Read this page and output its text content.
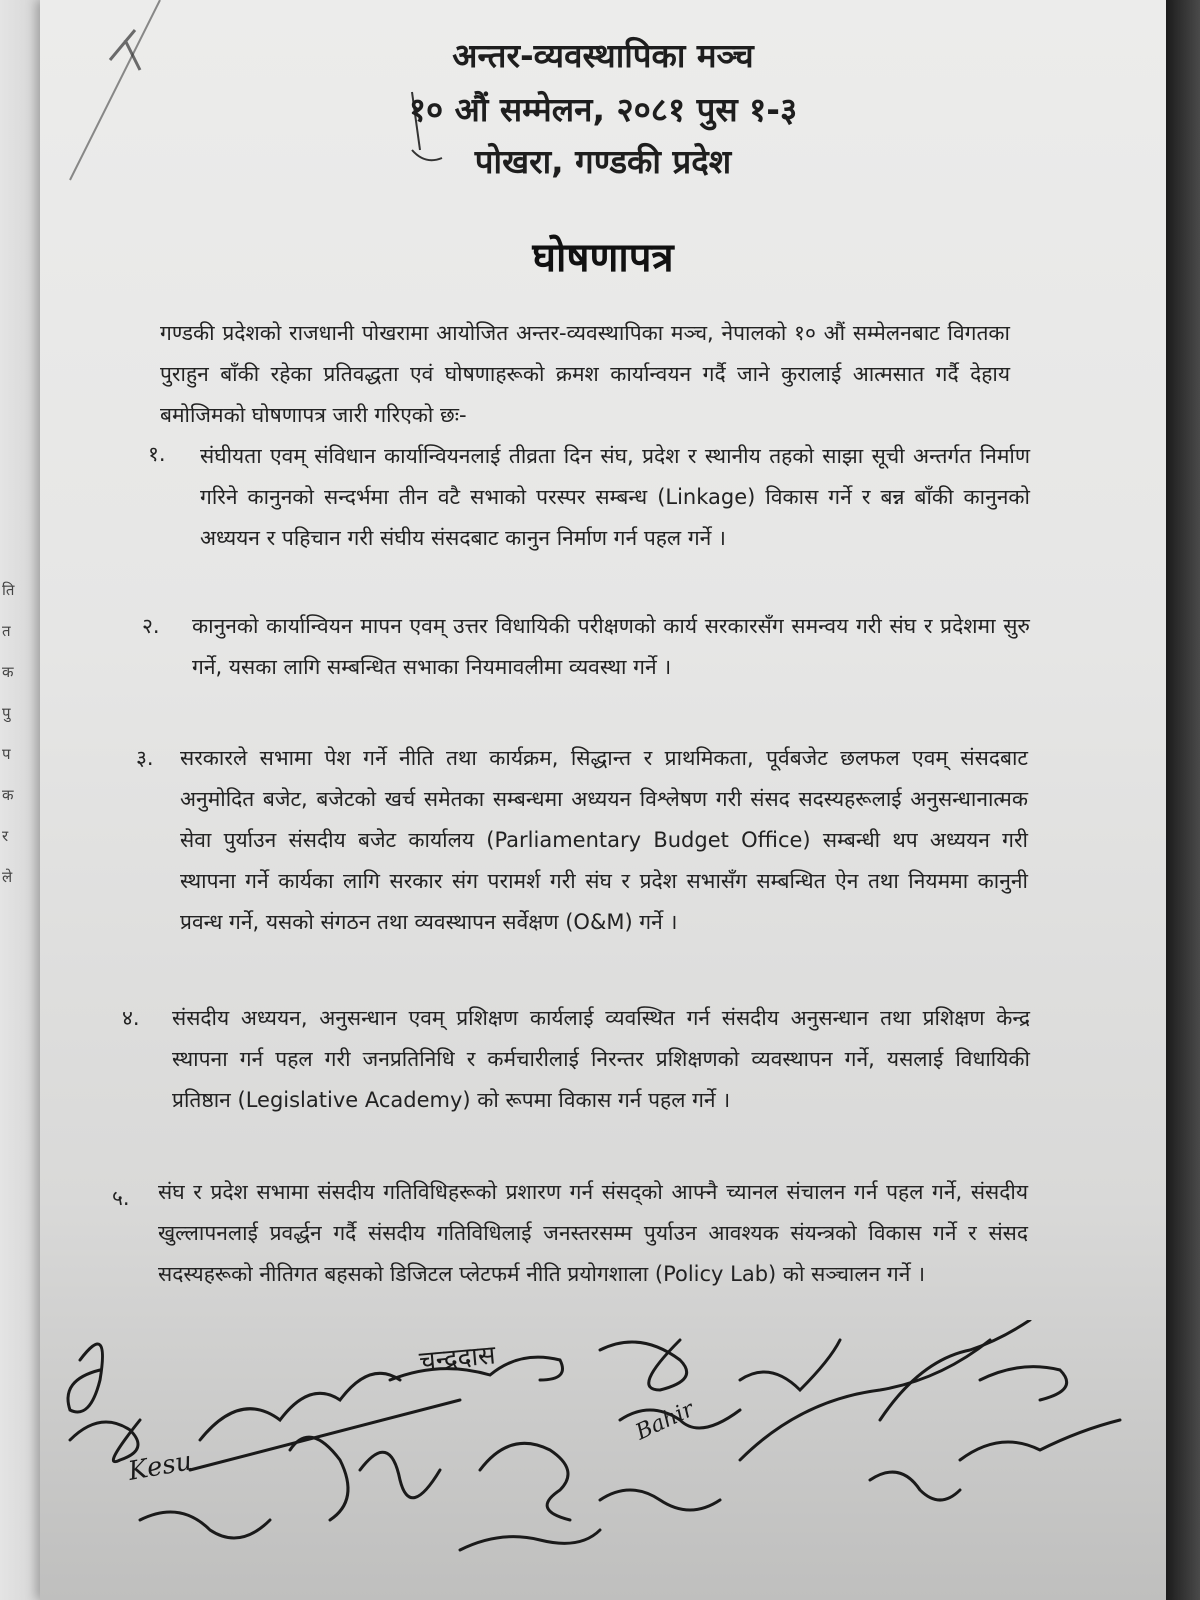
ति
त
क
पु
प
क
र
ले
अन्तर-व्यवस्थापिका मञ्च
१० औं सम्मेलन, २०८१ पुस १-३
पोखरा, गण्डकी प्रदेश
घोषणापत्र
गण्डकी प्रदेशको राजधानी पोखरामा आयोजित अन्तर-व्यवस्थापिका मञ्च, नेपालको १० औं सम्मेलनबाट विगतका पुराहुन बाँकी रहेका प्रतिवद्धता एवं घोषणाहरूको क्रमश कार्यान्वयन गर्दै जाने कुरालाई आत्मसात गर्दै देहाय बमोजिमको घोषणापत्र जारी गरिएको छः-
१. संघीयता एवम् संविधान कार्यान्वियनलाई तीव्रता दिन संघ, प्रदेश र स्थानीय तहको साझा सूची अन्तर्गत निर्माण गरिने कानुनको सन्दर्भमा तीन वटै सभाको परस्पर सम्बन्ध (Linkage) विकास गर्ने र बन्न बाँकी कानुनको अध्ययन र पहिचान गरी संघीय संसदबाट कानुन निर्माण गर्न पहल गर्ने ।
२. कानुनको कार्यान्वियन मापन एवम् उत्तर विधायिकी परीक्षणको कार्य सरकारसँग समन्वय गरी संघ र प्रदेशमा सुरु गर्ने, यसका लागि सम्बन्धित सभाका नियमावलीमा व्यवस्था गर्ने ।
३. सरकारले सभामा पेश गर्ने नीति तथा कार्यक्रम, सिद्धान्त र प्राथमिकता, पूर्वबजेट छलफल एवम् संसदबाट अनुमोदित बजेट, बजेटको खर्च समेतका सम्बन्धमा अध्ययन विश्लेषण गरी संसद सदस्यहरूलाई अनुसन्धानात्मक सेवा पुर्याउन संसदीय बजेट कार्यालय (Parliamentary Budget Office) सम्बन्धी थप अध्ययन गरी स्थापना गर्ने कार्यका लागि सरकार संग परामर्श गरी संघ र प्रदेश सभासँग सम्बन्धित ऐन तथा नियममा कानुनी प्रवन्ध गर्ने, यसको संगठन तथा व्यवस्थापन सर्वेक्षण (O&M) गर्ने ।
४. संसदीय अध्ययन, अनुसन्धान एवम् प्रशिक्षण कार्यलाई व्यवस्थित गर्न संसदीय अनुसन्धान तथा प्रशिक्षण केन्द्र स्थापना गर्न पहल गरी जनप्रतिनिधि र कर्मचारीलाई निरन्तर प्रशिक्षणको व्यवस्थापन गर्ने, यसलाई विधायिकी प्रतिष्ठान (Legislative Academy) को रूपमा विकास गर्न पहल गर्ने ।
५. संघ र प्रदेश सभामा संसदीय गतिविधिहरूको प्रशारण गर्न संसद्को आफ्नै च्यानल संचालन गर्न पहल गर्ने, संसदीय खुल्लापनलाई प्रवर्द्धन गर्दै संसदीय गतिविधिलाई जनस्तरसम्म पुर्याउन आवश्यक संयन्त्रको विकास गर्ने र संसद सदस्यहरूको नीतिगत बहसको डिजिटल प्लेटफर्म नीति प्रयोगशाला (Policy Lab) को सञ्चालन गर्ने ।
Kesu
Bahir
चन्द्रदास
